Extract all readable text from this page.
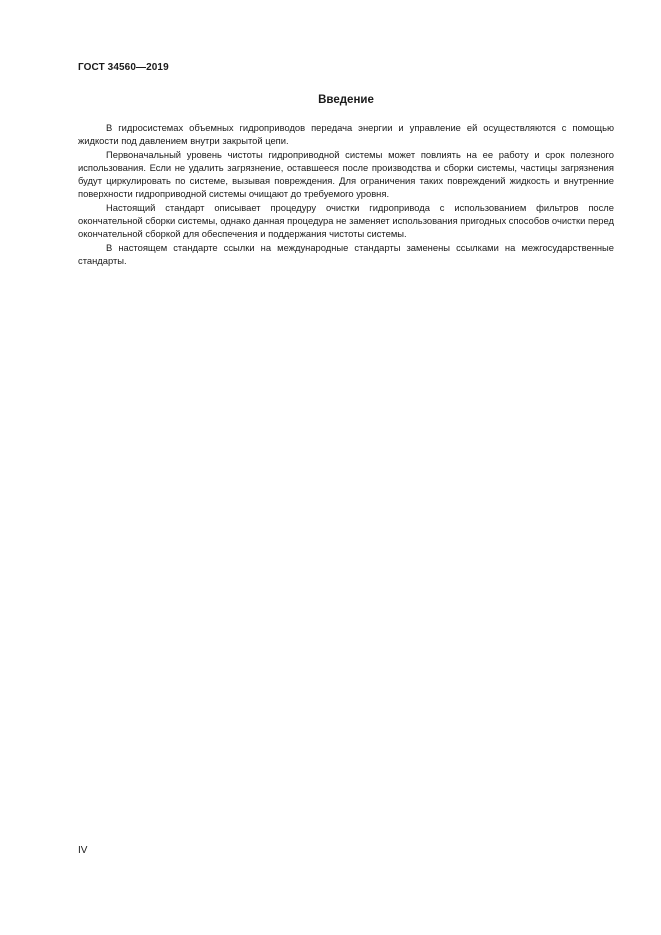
ГОСТ 34560—2019
Введение

В гидросистемах объемных гидроприводов передача энергии и управление ей осуществляются с помощью жидкости под давлением внутри закрытой цепи.

Первоначальный уровень чистоты гидроприводной системы может повлиять на ее работу и срок полезного использования. Если не удалить загрязнение, оставшееся после производства и сборки системы, частицы загрязнения будут циркулировать по системе, вызывая повреждения. Для ограничения таких повреждений жидкость и внутренние поверхности гидроприводной системы очищают до требуемого уровня.

Настоящий стандарт описывает процедуру очистки гидропривода с использованием фильтров после окончательной сборки системы, однако данная процедура не заменяет использования пригодных способов очистки перед окончательной сборкой для обеспечения и поддержания чистоты системы.

В настоящем стандарте ссылки на международные стандарты заменены ссылками на межгосударственные стандарты.

IV
